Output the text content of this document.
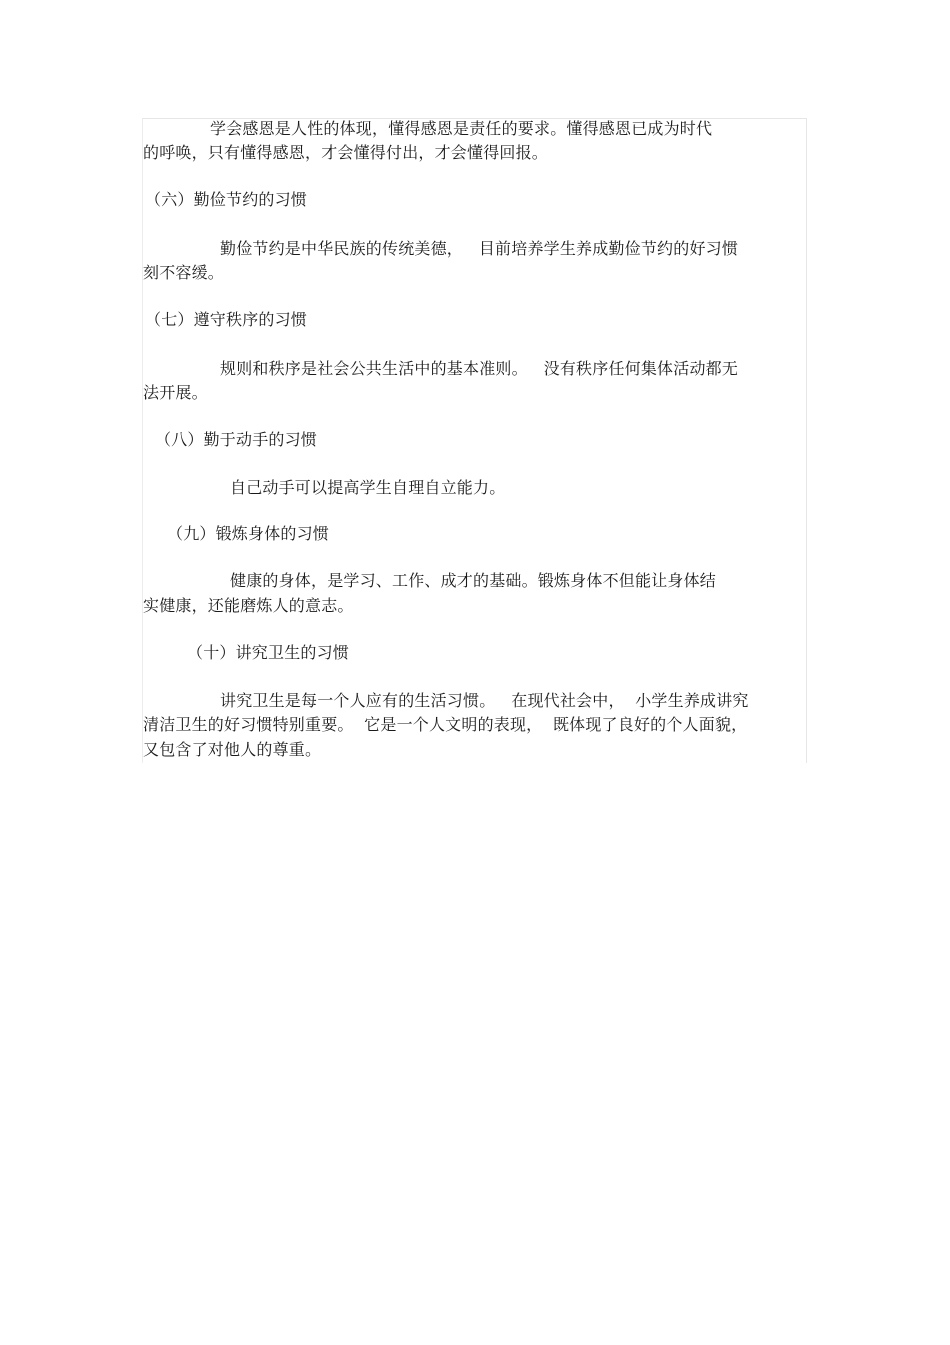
学会感恩是人性的体现，懂得感恩是责任的要求。懂得感恩已成为时代
的呼唤，只有懂得感恩，才会懂得付出，才会懂得回报。
（六）勤俭节约的习惯
勤俭节约是中华民族的传统美德，   目前培养学生养成勤俭节约的好习惯
刻不容缓。
（七）遵守秩序的习惯
规则和秩序是社会公共生活中的基本准则。   没有秩序任何集体活动都无
法开展。
（八）勤于动手的习惯
自己动手可以提高学生自理自立能力。
（九）锻炼身体的习惯
健康的身体，是学习、工作、成才的基础。锻炼身体不但能让身体结
实健康，还能磨炼人的意志。
（十）讲究卫生的习惯
讲究卫生是每一个人应有的生活习惯。   在现代社会中，  小学生养成讲究
清洁卫生的好习惯特别重要。  它是一个人文明的表现，  既体现了良好的个人面貌，
又包含了对他人的尊重。
